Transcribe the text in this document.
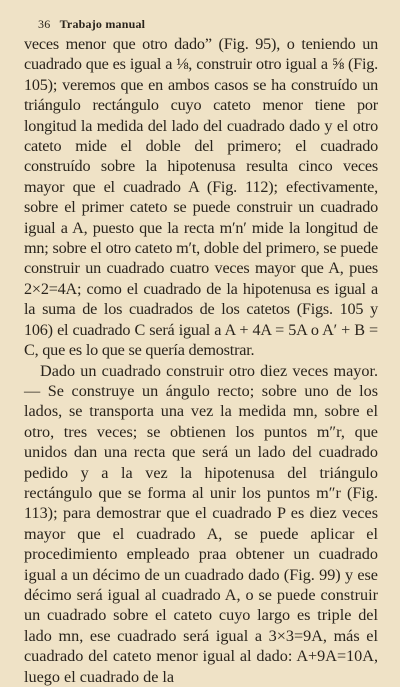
36 Trabajo manual

veces menor que otro dado” (Fig. 95), o teniendo un cuadrado que es igual a ⅛, construir otro igual a ⅝ (Fig. 105); veremos que en ambos casos se ha construído un triángulo rectángulo cuyo cateto menor tiene por longitud la medida del lado del cuadrado dado y el otro cateto mide el doble del primero; el cuadrado construído sobre la hipotenusa resulta cinco veces mayor que el cuadrado A (Fig. 112); efectivamente, sobre el primer cateto se puede construir un cuadrado igual a A, puesto que la recta m′n′ mide la longitud de mn; sobre el otro cateto m′t, doble del primero, se puede construir un cuadrado cuatro veces mayor que A, pues 2×2=4A; como el cuadrado de la hipotenusa es igual a la suma de los cuadrados de los catetos (Figs. 105 y 106) el cuadrado C será igual a A + 4A = 5A o A′ + B = C, que es lo que se quería demostrar.

Dado un cuadrado construir otro diez veces mayor. — Se construye un ángulo recto; sobre uno de los lados, se transporta una vez la medida mn, sobre el otro, tres veces; se obtienen los puntos m″r, que unidos dan una recta que será un lado del cuadrado pedido y a la vez la hipotenusa del triángulo rectángulo que se forma al unir los puntos m″r (Fig. 113); para demostrar que el cuadrado P es diez veces mayor que el cuadrado A, se puede aplicar el procedimiento empleado praa obtener un cuadrado igual a un décimo de un cuadrado dado (Fig. 99) y ese décimo será igual al cuadrado A, o se puede construir un cuadrado sobre el cateto cuyo largo es triple del lado mn, ese cuadrado será igual a 3×3=9A, más el cuadrado del cateto menor igual al dado: A+9A=10A, luego el cuadrado de la
